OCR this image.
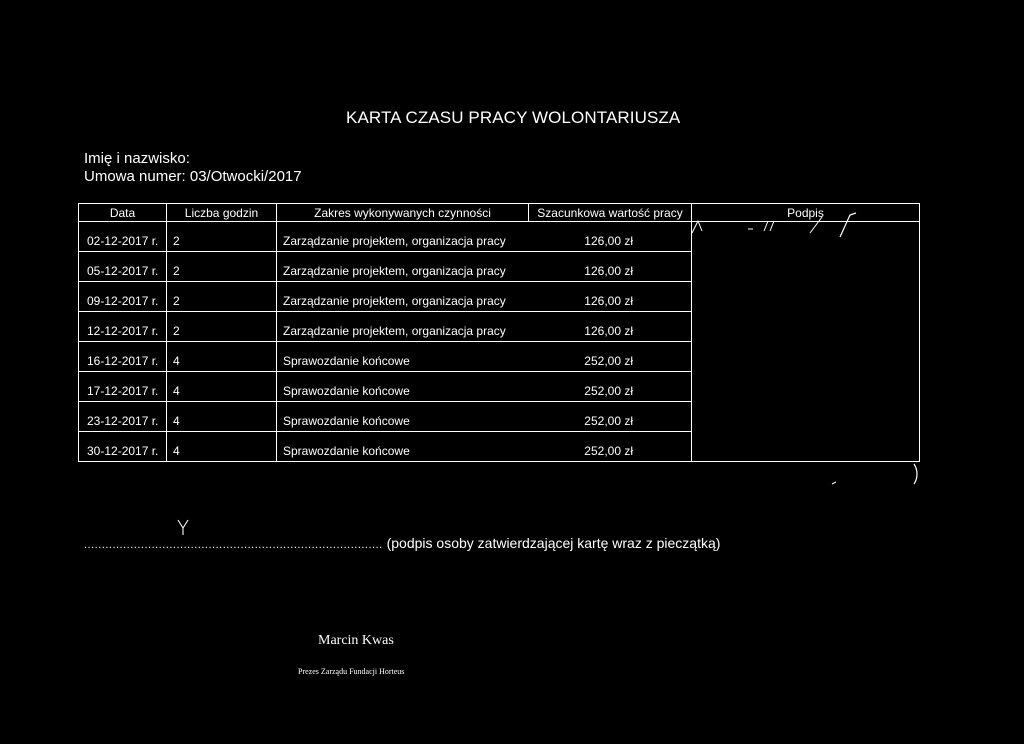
KARTA CZASU PRACY WOLONTARIUSZA
Imię i nazwisko:
Umowa numer: 03/Otwocki/2017
Data	Liczba godzin	Zakres wykonywanych czynności	Szacunkowa wartość pracy	Podpis
02-12-2017 r.	2	Zarządzanie projektem, organizacja pracy	126,00 zł	
05-12-2017 r.	2	Zarządzanie projektem, organizacja pracy	126,00 zł	
09-12-2017 r.	2	Zarządzanie projektem, organizacja pracy	126,00 zł	
12-12-2017 r.	2	Zarządzanie projektem, organizacja pracy	126,00 zł	
16-12-2017 r.	4	Sprawozdanie końcowe	252,00 zł	
17-12-2017 r.	4	Sprawozdanie końcowe	252,00 zł	
23-12-2017 r.	4	Sprawozdanie końcowe	252,00 zł	
30-12-2017 r.	4	Sprawozdanie końcowe	252,00 zł	
.................................................................................... (podpis osoby zatwierdzającej kartę wraz z pieczątką)
Marcin Kwas
Prezes Zarządu Fundacji Horteus
